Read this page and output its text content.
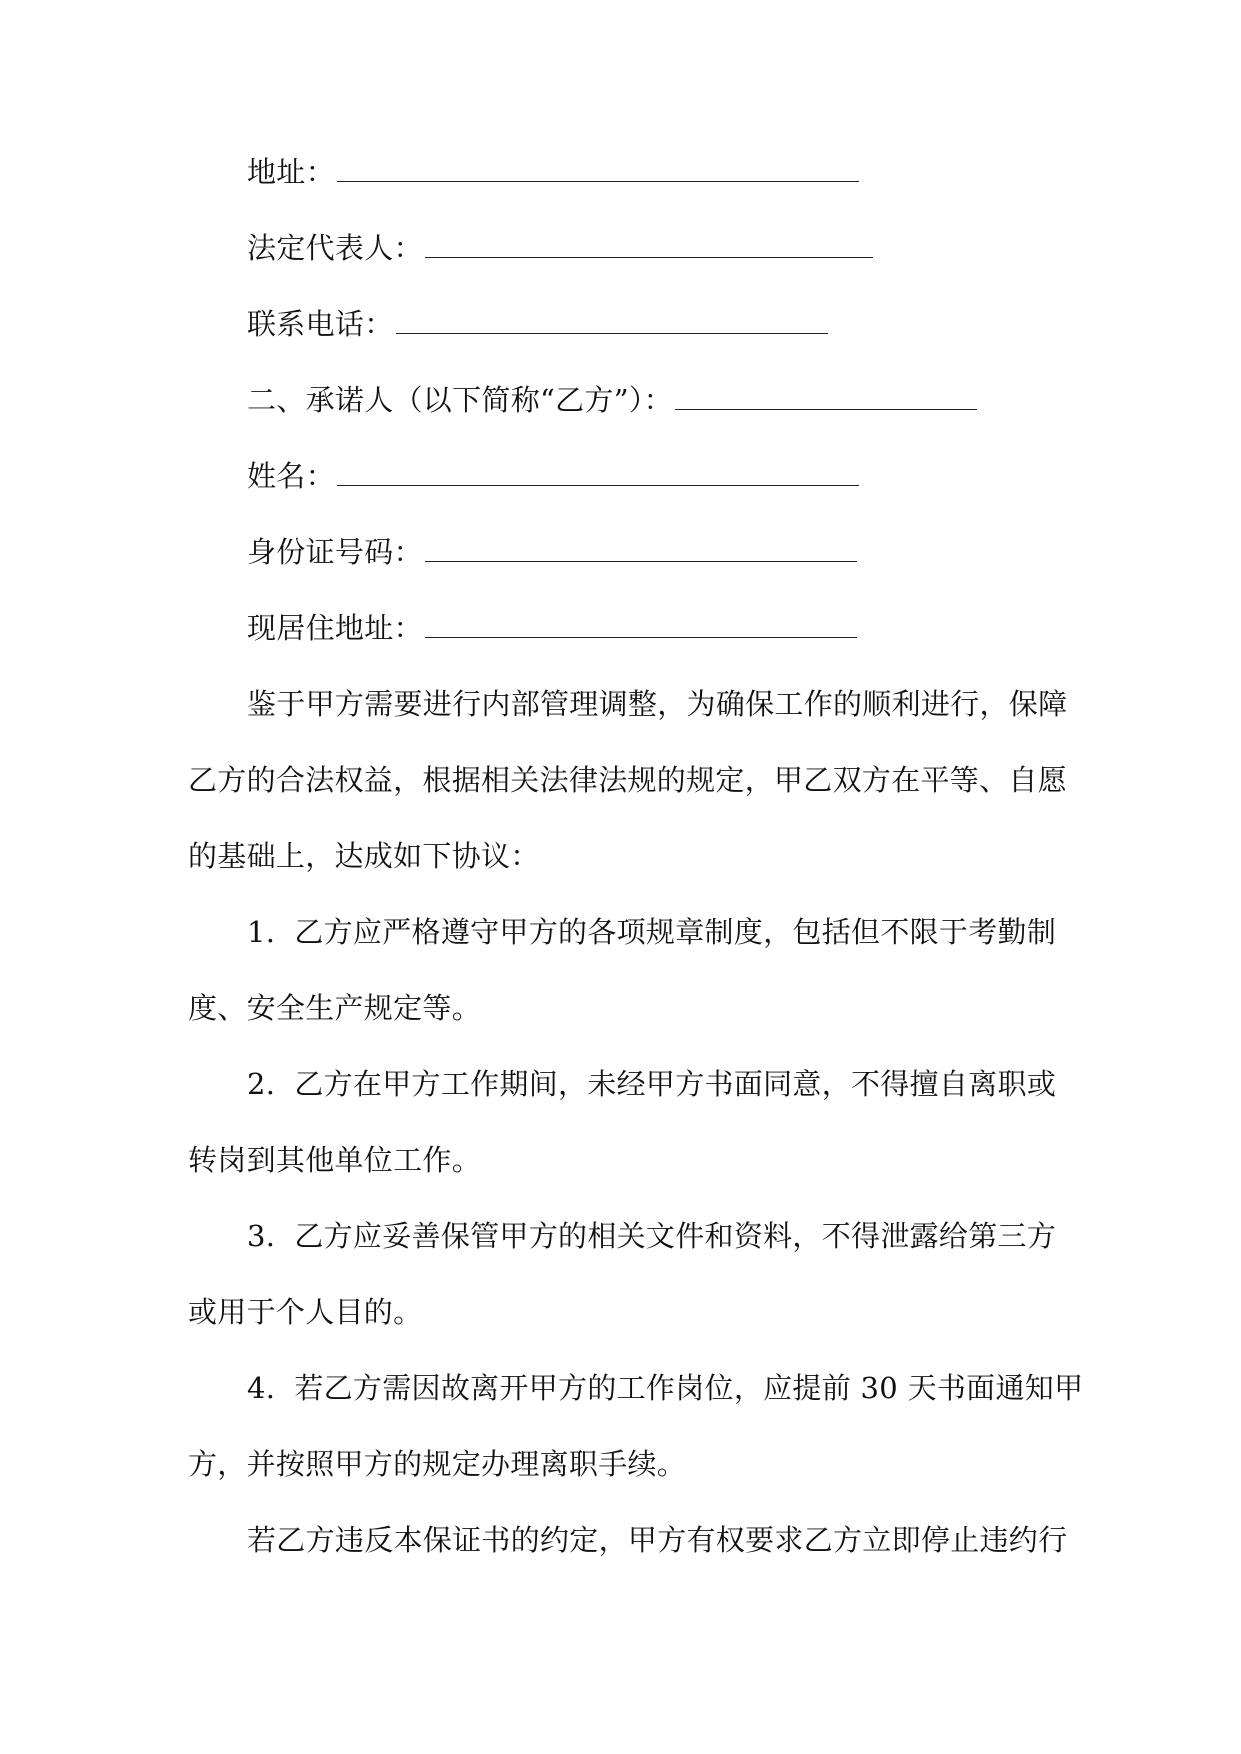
地址：
法定代表人：
联系电话：
二、承诺人（以下简称“乙方”）：
姓名：
身份证号码：
现居住地址：
鉴于甲方需要进行内部管理调整，为确保工作的顺利进行，保障
乙方的合法权益，根据相关法律法规的规定，甲乙双方在平等、自愿
的基础上，达成如下协议：
1. 乙方应严格遵守甲方的各项规章制度，包括但不限于考勤制
度、安全生产规定等。
2. 乙方在甲方工作期间，未经甲方书面同意，不得擅自离职或
转岗到其他单位工作。
3. 乙方应妥善保管甲方的相关文件和资料，不得泄露给第三方
或用于个人目的。
4. 若乙方需因故离开甲方的工作岗位，应提前 30 天书面通知甲
方，并按照甲方的规定办理离职手续。
若乙方违反本保证书的约定，甲方有权要求乙方立即停止违约行
